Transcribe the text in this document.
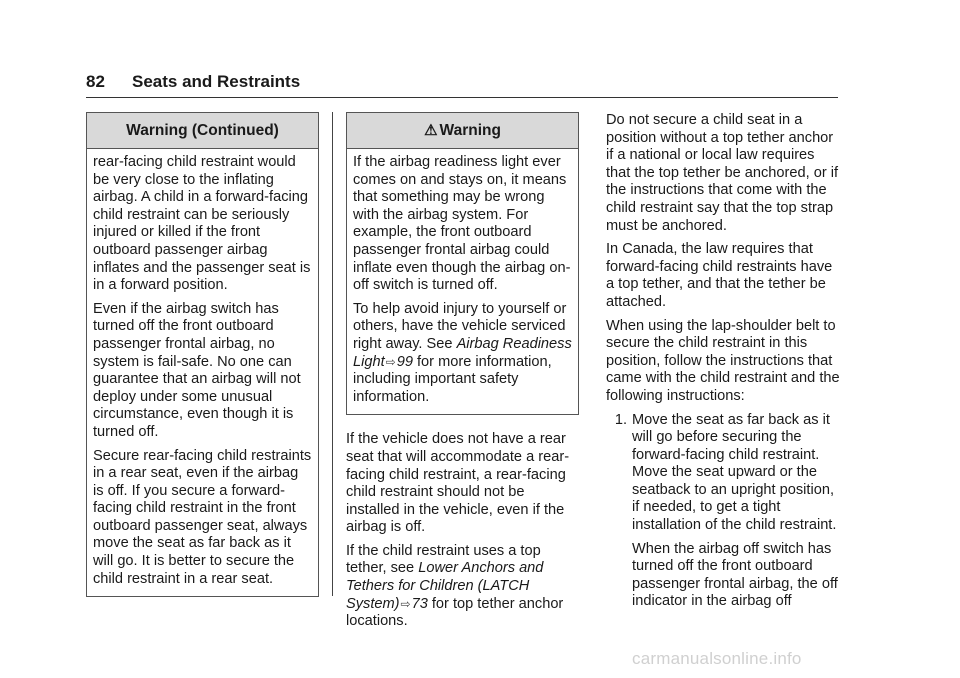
82 Seats and Restraints
Warning (Continued)

rear-facing child restraint would be very close to the inflating airbag. A child in a forward-facing child restraint can be seriously injured or killed if the front outboard passenger airbag inflates and the passenger seat is in a forward position.

Even if the airbag switch has turned off the front outboard passenger frontal airbag, no system is fail-safe. No one can guarantee that an airbag will not deploy under some unusual circumstance, even though it is turned off.

Secure rear-facing child restraints in a rear seat, even if the airbag is off. If you secure a forward-facing child restraint in the front outboard passenger seat, always move the seat as far back as it will go. It is better to secure the child restraint in a rear seat.

⚠ Warning

If the airbag readiness light ever comes on and stays on, it means that something may be wrong with the airbag system. For example, the front outboard passenger frontal airbag could inflate even though the airbag on-off switch is turned off.

To help avoid injury to yourself or others, have the vehicle serviced right away. See Airbag Readiness Light⇨99 for more information, including important safety information.

If the vehicle does not have a rear seat that will accommodate a rear-facing child restraint, a rear-facing child restraint should not be installed in the vehicle, even if the airbag is off.

If the child restraint uses a top tether, see Lower Anchors and Tethers for Children (LATCH System)⇨73 for top tether anchor locations.

Do not secure a child seat in a position without a top tether anchor if a national or local law requires that the top tether be anchored, or if the instructions that come with the child restraint say that the top strap must be anchored.

In Canada, the law requires that forward-facing child restraints have a top tether, and that the tether be attached.

When using the lap-shoulder belt to secure the child restraint in this position, follow the instructions that came with the child restraint and the following instructions:

1. Move the seat as far back as it will go before securing the forward-facing child restraint. Move the seat upward or the seatback to an upright position, if needed, to get a tight installation of the child restraint.

When the airbag off switch has turned off the front outboard passenger frontal airbag, the off indicator in the airbag off

carmanualsonline.info
